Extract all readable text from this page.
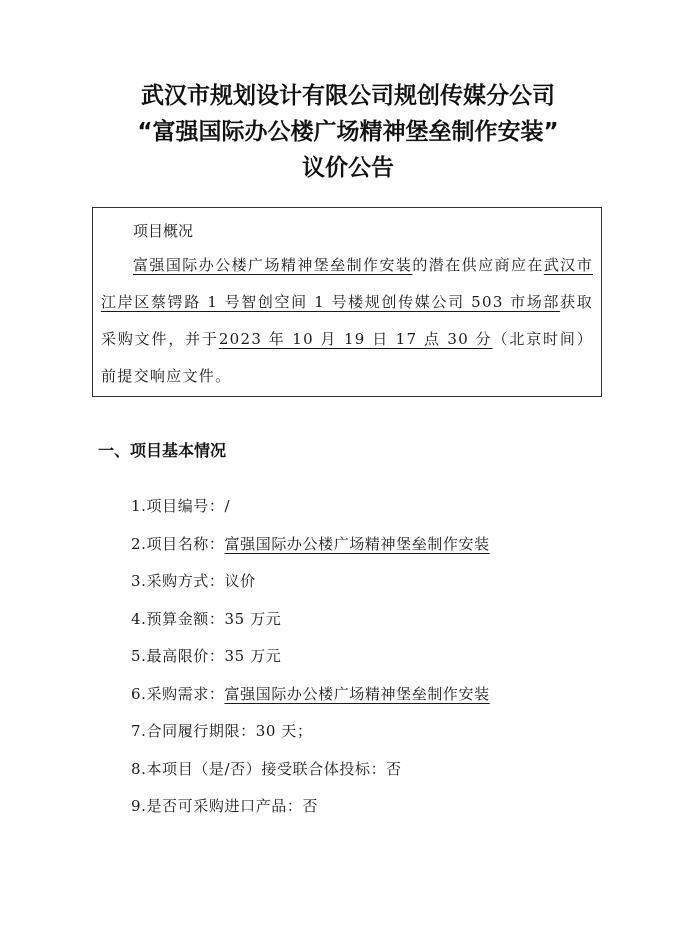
武汉市规划设计有限公司规创传媒分公司
“富强国际办公楼广场精神堡垒制作安装”
议价公告
项目概况
富强国际办公楼广场精神堡垒制作安装的潜在供应商应在武汉市江岸区蔡锷路 1 号智创空间 1 号楼规创传媒公司 503 市场部获取采购文件，并于2023 年 10 月 19 日 17 点 30 分（北京时间）前提交响应文件。
一、项目基本情况
1.项目编号：/
2.项目名称：富强国际办公楼广场精神堡垒制作安装
3.采购方式：议价
4.预算金额：35 万元
5.最高限价：35 万元
6.采购需求：富强国际办公楼广场精神堡垒制作安装
7.合同履行期限：30 天；
8.本项目（是/否）接受联合体投标：否
9.是否可采购进口产品：否
